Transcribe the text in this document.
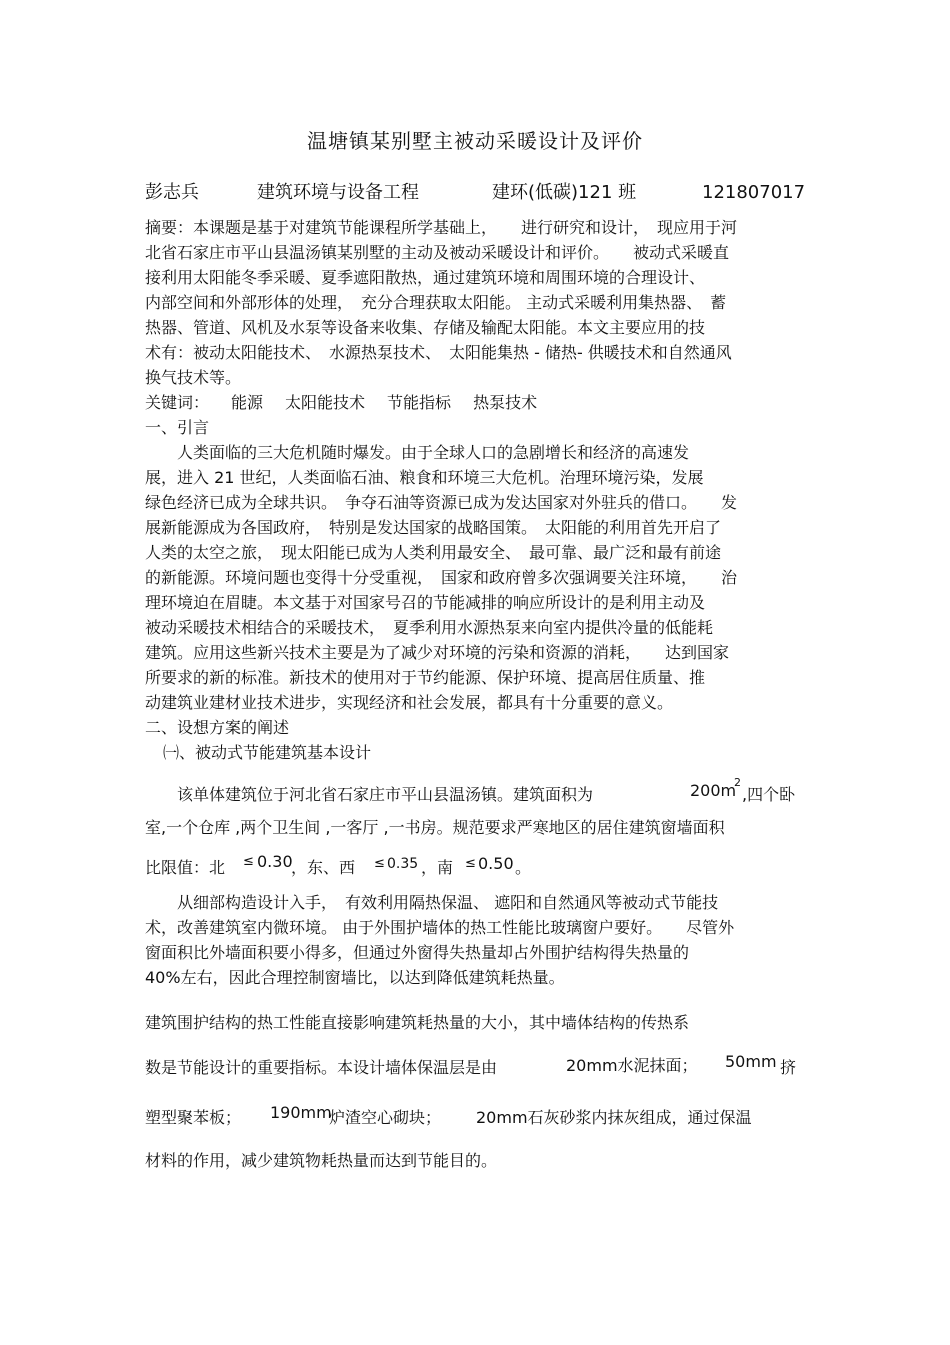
温塘镇某别墅主被动采暖设计及评价
彭志兵	建筑环境与设备工程	建环(低碳)121 班	121807017
摘要：本课题是基于对建筑节能课程所学基础上，　　进行研究和设计，　现应用于河
北省石家庄市平山县温汤镇某别墅的主动及被动采暖设计和评价。　　被动式采暖直
接利用太阳能冬季采暖、夏季遮阳散热，通过建筑环境和周围环境的合理设计、
内部空间和外部形体的处理，　充分合理获取太阳能。 主动式采暖利用集热器、　蓄
热器、管道、风机及水泵等设备来收集、存储及输配太阳能。本文主要应用的技
术有：被动太阳能技术、　水源热泵技术、　太阳能集热 - 储热- 供暖技术和自然通风
换气技术等。
关键词： 能源 太阳能技术 节能指标 热泵技术
一、引言
人类面临的三大危机随时爆发。由于全球人口的急剧增长和经济的高速发
展，进入 21 世纪，人类面临石油、粮食和环境三大危机。治理环境污染，发展
绿色经济已成为全球共识。　争夺石油等资源已成为发达国家对外驻兵的借口。　　发
展新能源成为各国政府，　特别是发达国家的战略国策。　太阳能的利用首先开启了
人类的太空之旅，　现太阳能已成为人类利用最安全、　最可靠、最广泛和最有前途
的新能源。环境问题也变得十分受重视，　国家和政府曾多次强调要关注环境，　　治
理环境迫在眉睫。本文基于对国家号召的节能减排的响应所设计的是利用主动及
被动采暖技术相结合的采暖技术，　夏季利用水源热泵来向室内提供冷量的低能耗
建筑。应用这些新兴技术主要是为了减少对环境的污染和资源的消耗，　　达到国家
所要求的新的标准。新技术的使用对于节约能源、保护环境、提高居住质量、推
动建筑业建材业技术进步，实现经济和社会发展，都具有十分重要的意义。
二、设想方案的阐述
㈠、被动式节能建筑基本设计
该单体建筑位于河北省石家庄市平山县温汤镇。建筑面积为	200m
2
,四个卧
室,一个仓库 ,两个卫生间 ,一客厅 ,一书房。规范要求严寒地区的居住建筑窗墙面积
比限值：北 ≤ 0.30
，东、西 ≤ 0.35 ，南 ≤ 0.50 。
从细部构造设计入手，　有效利用隔热保温、 遮阳和自然通风等被动式节能技
术，改善建筑室内微环境。 由于外围护墙体的热工性能比玻璃窗户要好。　　尽管外
窗面积比外墙面积要小得多，但通过外窗得失热量却占外围护结构得失热量的
40%左右，因此合理控制窗墙比，以达到降低建筑耗热量。
建筑围护结构的热工性能直接影响建筑耗热量的大小，其中墙体结构的传热系
数是节能设计的重要指标。本设计墙体保温层是由	20mm水泥抹面； 50mm 挤
塑型聚苯板； 190mm
炉渣空心砌块； 20mm石灰砂浆内抹灰组成，通过保温
材料的作用，减少建筑物耗热量而达到节能目的。
